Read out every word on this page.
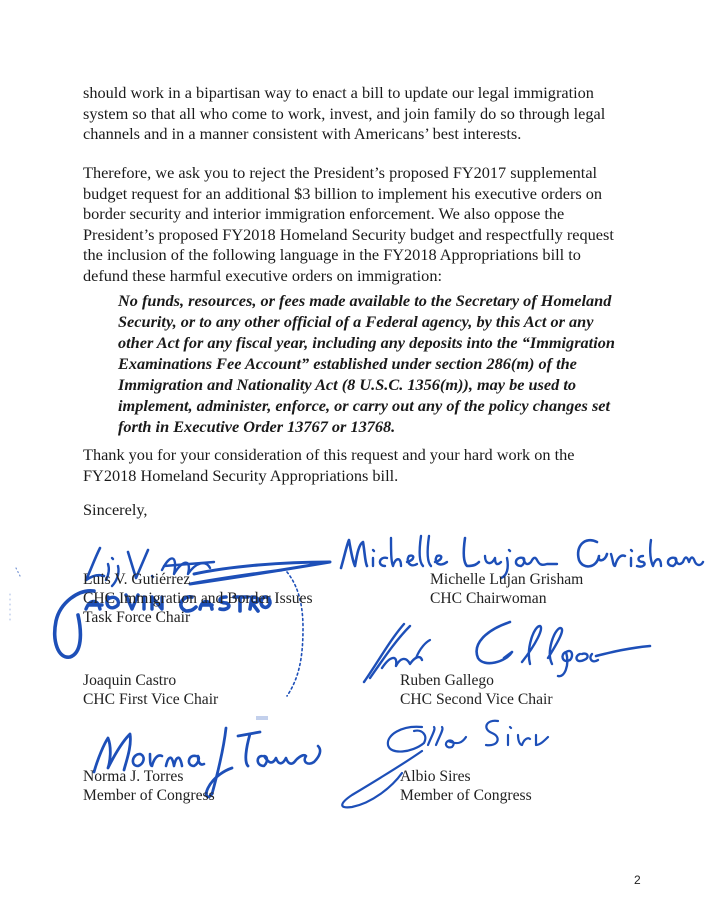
should work in a bipartisan way to enact a bill to update our legal immigration
system so that all who come to work, invest, and join family do so through legal
channels and in a manner consistent with Americans’ best interests.

Therefore, we ask you to reject the President’s proposed FY2017 supplemental
budget request for an additional $3 billion to implement his executive orders on
border security and interior immigration enforcement. We also oppose the
President’s proposed FY2018 Homeland Security budget and respectfully request
the inclusion of the following language in the FY2018 Appropriations bill to
defund these harmful executive orders on immigration:

No funds, resources, or fees made available to the Secretary of Homeland
Security, or to any other official of a Federal agency, by this Act or any
other Act for any fiscal year, including any deposits into the “Immigration
Examinations Fee Account” established under section 286(m) of the
Immigration and Nationality Act (8 U.S.C. 1356(m)), may be used to
implement, administer, enforce, or carry out any of the policy changes set
forth in Executive Order 13767 or 13768.

Thank you for your consideration of this request and your hard work on the
FY2018 Homeland Security Appropriations bill.

Sincerely,

Luis V. Gutiérrez
CHC Immigration and Border Issues
Task Force Chair
Michelle Lujan Grisham
CHC Chairwoman
Joaquin Castro
CHC First Vice Chair
Ruben Gallego
CHC Second Vice Chair
Norma J. Torres
Member of Congress
Albio Sires
Member of Congress
2
